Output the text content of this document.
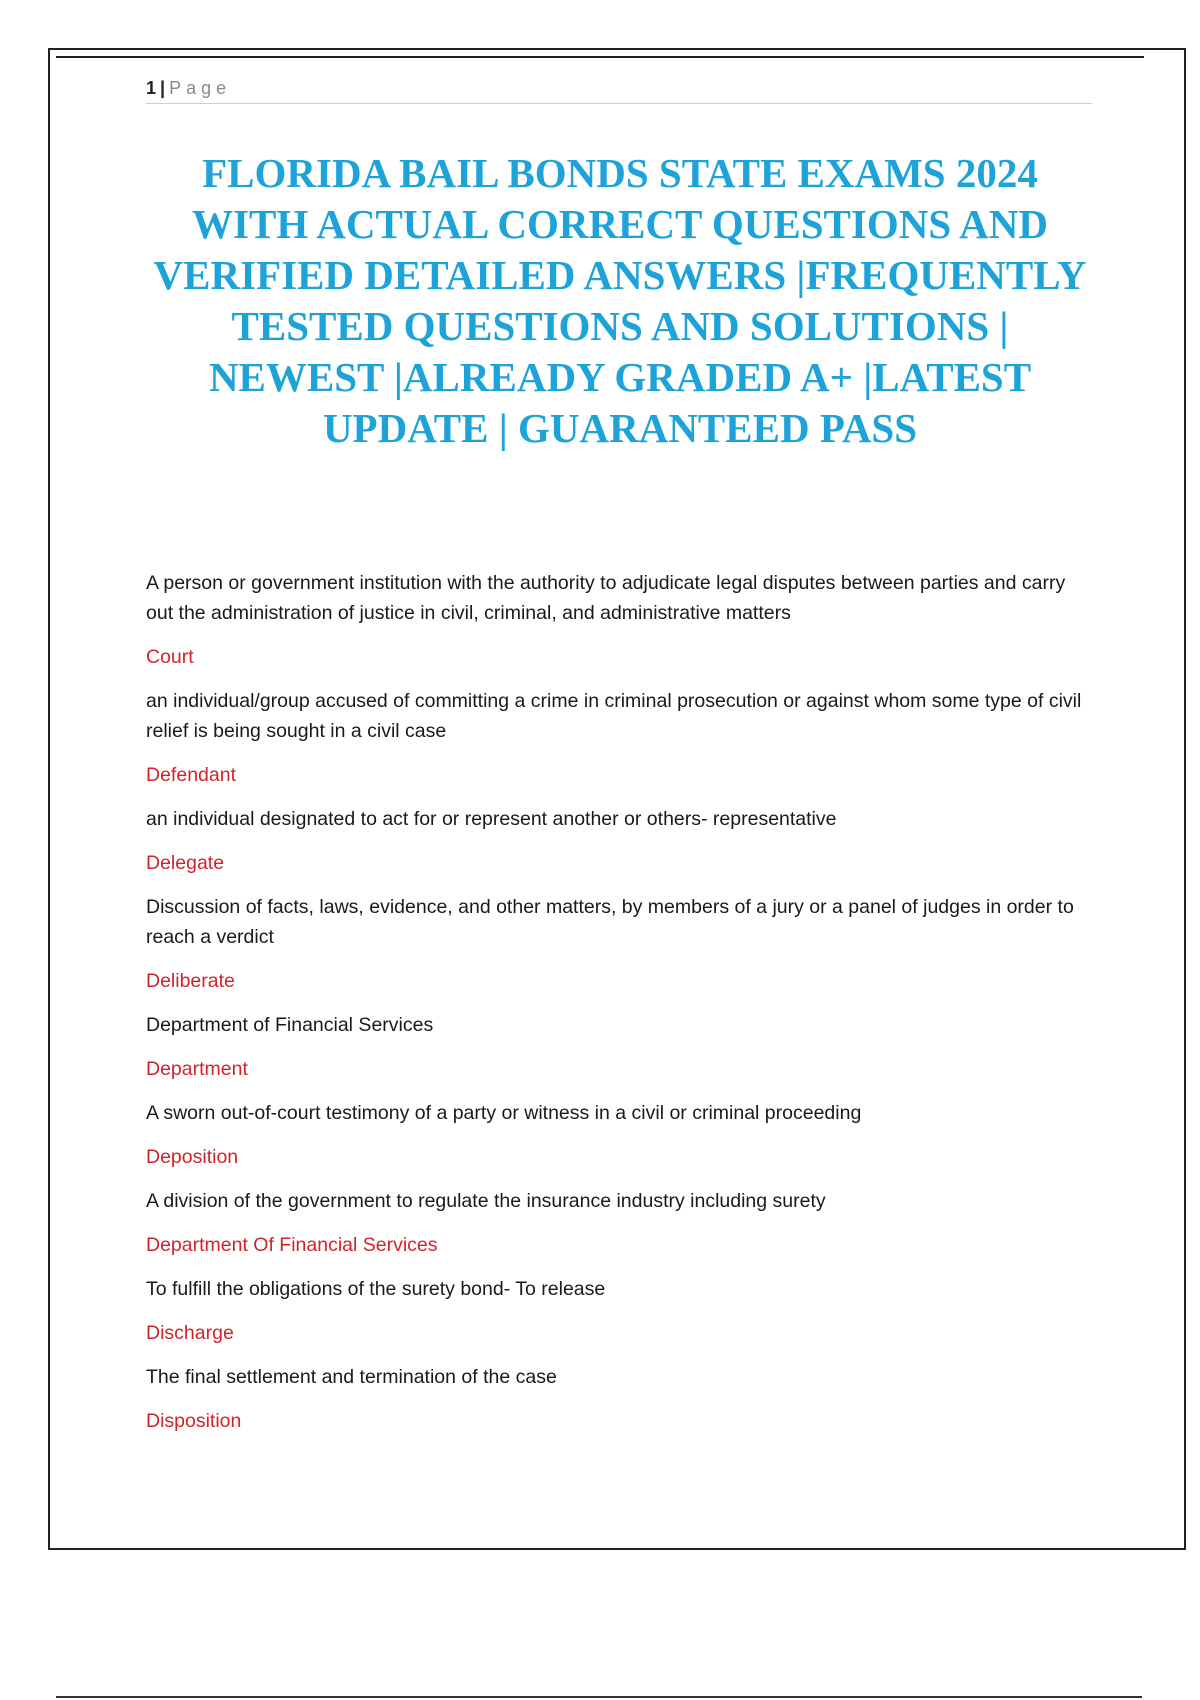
1 | Page
FLORIDA BAIL BONDS STATE EXAMS 2024 WITH ACTUAL CORRECT QUESTIONS AND VERIFIED DETAILED ANSWERS |FREQUENTLY TESTED QUESTIONS AND SOLUTIONS | NEWEST |ALREADY GRADED A+ |LATEST UPDATE | GUARANTEED PASS

A person or government institution with the authority to adjudicate legal disputes between parties and carry out the administration of justice in civil, criminal, and administrative matters

Court

an individual/group accused of committing a crime in criminal prosecution or against whom some type of civil relief is being sought in a civil case

Defendant

an individual designated to act for or represent another or others- representative

Delegate

Discussion of facts, laws, evidence, and other matters, by members of a jury or a panel of judges in order to reach a verdict

Deliberate

Department of Financial Services

Department

A sworn out-of-court testimony of a party or witness in a civil or criminal proceeding

Deposition

A division of the government to regulate the insurance industry including surety

Department Of Financial Services

To fulfill the obligations of the surety bond- To release

Discharge

The final settlement and termination of the case

Disposition
